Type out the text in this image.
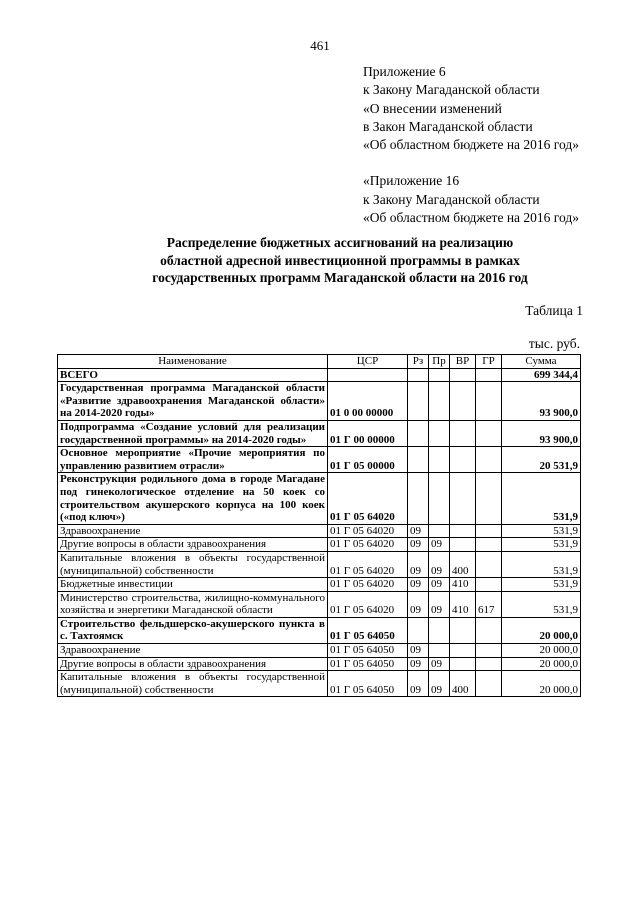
461
Приложение 6
к Закону Магаданской области
«О внесении изменений
в Закон Магаданской области
«Об областном бюджете на 2016 год»
«Приложение 16
к Закону Магаданской области
«Об областном бюджете на 2016 год»
Распределение бюджетных ассигнований на реализацию
областной адресной инвестиционной программы в рамках
государственных программ Магаданской области на 2016 год
Таблица 1
тыс. руб.
Наименование	ЦСР	Рз	Пр	ВР	ГР	Сумма
ВСЕГО						699 344,4
Государственная программа Магаданской области «Развитие здравоохранения Магаданской области» на 2014-2020 годы»	01 0 00 00000					93 900,0
Подпрограмма «Создание условий для реализации государственной программы» на 2014-2020 годы»	01 Г 00 00000					93 900,0
Основное мероприятие «Прочие мероприятия по управлению развитием отрасли»	01 Г 05 00000					20 531,9
Реконструкция родильного дома в городе Магадане под гинекологическое отделение на 50 коек со строительством акушерского корпуса на 100 коек («под ключ»)	01 Г 05 64020					531,9
Здравоохранение	01 Г 05 64020	09				531,9
Другие вопросы в области здравоохранения	01 Г 05 64020	09	09			531,9
Капитальные вложения в объекты государственной (муниципальной) собственности	01 Г 05 64020	09	09	400		531,9
Бюджетные инвестиции	01 Г 05 64020	09	09	410		531,9
Министерство строительства, жилищно-коммунального хозяйства и энергетики Магаданской области	01 Г 05 64020	09	09	410	617	531,9
Строительство фельдшерско-акушерского пункта в с. Тахтоямск	01 Г 05 64050					20 000,0
Здравоохранение	01 Г 05 64050	09				20 000,0
Другие вопросы в области здравоохранения	01 Г 05 64050	09	09			20 000,0
Капитальные вложения в объекты государственной (муниципальной) собственности	01 Г 05 64050	09	09	400		20 000,0
